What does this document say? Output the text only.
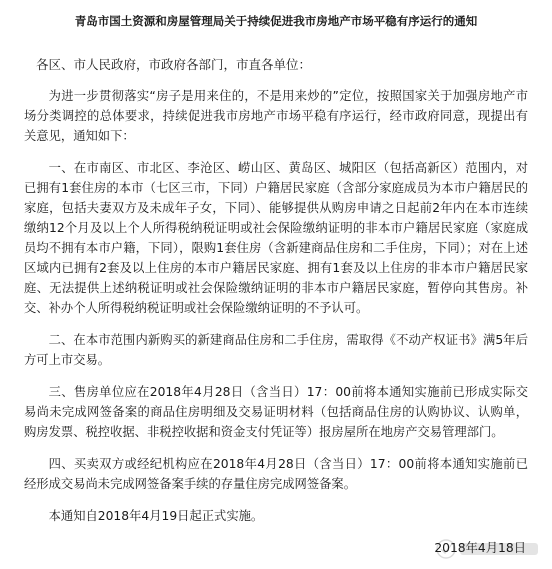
青岛市国土资源和房屋管理局关于持续促进我市房地产市场平稳有序运行的通知
各区、市人民政府，市政府各部门，市直各单位：
为进一步贯彻落实“房子是用来住的，不是用来炒的”定位，按照国家关于加强房地产市场分类调控的总体要求，持续促进我市房地产市场平稳有序运行，经市政府同意，现提出有关意见，通知如下：
一、在市南区、市北区、李沧区、崂山区、黄岛区、城阳区（包括高新区）范围内，对已拥有1套住房的本市（七区三市，下同）户籍居民家庭（含部分家庭成员为本市户籍居民的家庭，包括夫妻双方及未成年子女，下同）、能够提供从购房申请之日起前2年内在本市连续缴纳12个月及以上个人所得税纳税证明或社会保险缴纳证明的非本市户籍居民家庭（家庭成员均不拥有本市户籍，下同），限购1套住房（含新建商品住房和二手住房，下同）；对在上述区域内已拥有2套及以上住房的本市户籍居民家庭、拥有1套及以上住房的非本市户籍居民家庭、无法提供上述纳税证明或社会保险缴纳证明的非本市户籍居民家庭，暂停向其售房。补交、补办个人所得税纳税证明或社会保险缴纳证明的不予认可。
二、在本市范围内新购买的新建商品住房和二手住房，需取得《不动产权证书》满5年后方可上市交易。
三、售房单位应在2018年4月28日（含当日）17：00前将本通知实施前已形成实际交易尚未完成网签备案的商品住房明细及交易证明材料（包括商品住房的认购协议、认购单，购房发票、税控收据、非税控收据和资金支付凭证等）报房屋所在地房产交易管理部门。
四、买卖双方或经纪机构应在2018年4月28日（含当日）17：00前将本通知实施前已经形成交易尚未完成网签备案手续的存量住房完成网签备案。
本通知自2018年4月19日起正式实施。
2018年4月18日
